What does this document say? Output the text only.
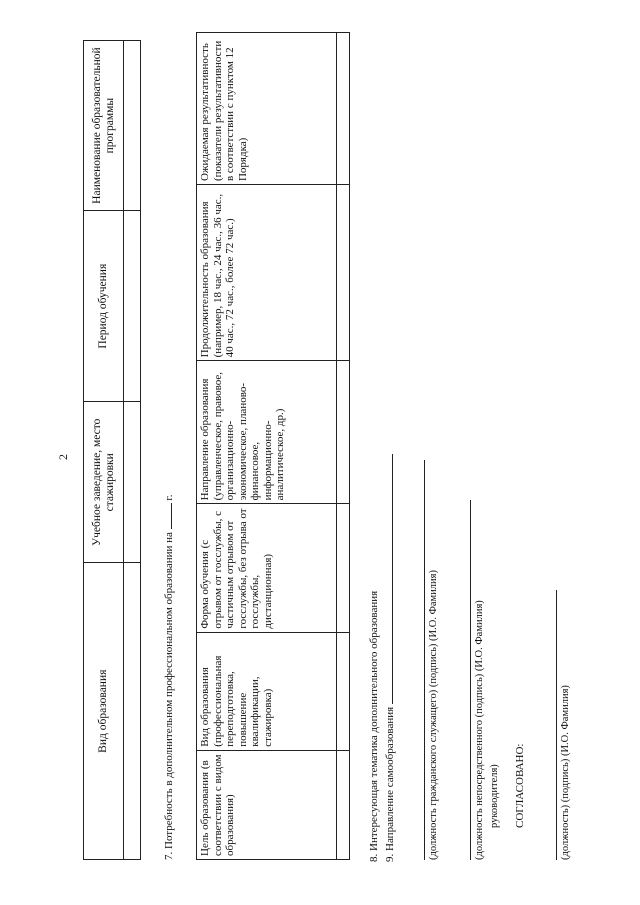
2
Вид образования	Учебное заведение, место стажировки	Период обучения	Наименование образовательной программы

7. Потребность в дополнительном профессиональном образовании на  г.
Цель образования (в соответствии с видом образования)	Вид образования (профессиональная переподготовка, повышение квалификации, стажировка)	Форма обучения (с отрывом от госслужбы, с частичным отрывом от госслужбы, без отрыва от госслужбы, дистанционная)	Направление образования (управленческое, правовое, организационно-экономическое, планово-финансовое, информационно-аналитическое, др.)	Продолжительность образования (например, 18 час., 24 час., 36 час., 40 час., 72 час., более 72 час.)	Ожидаемая результативность (показатели результативности в соответствии с пунктом 12 Порядка)

8. Интересующая тематика дополнительного образования 9. Направление самообразования	(должность гражданского служащего) (подпись) (И.О. Фамилия)	(должность непосредственного (подпись) (И.О. Фамилия) руководителя) СОГЛАСОВАНО:	(должность) (подпись) (И.О. Фамилия)
